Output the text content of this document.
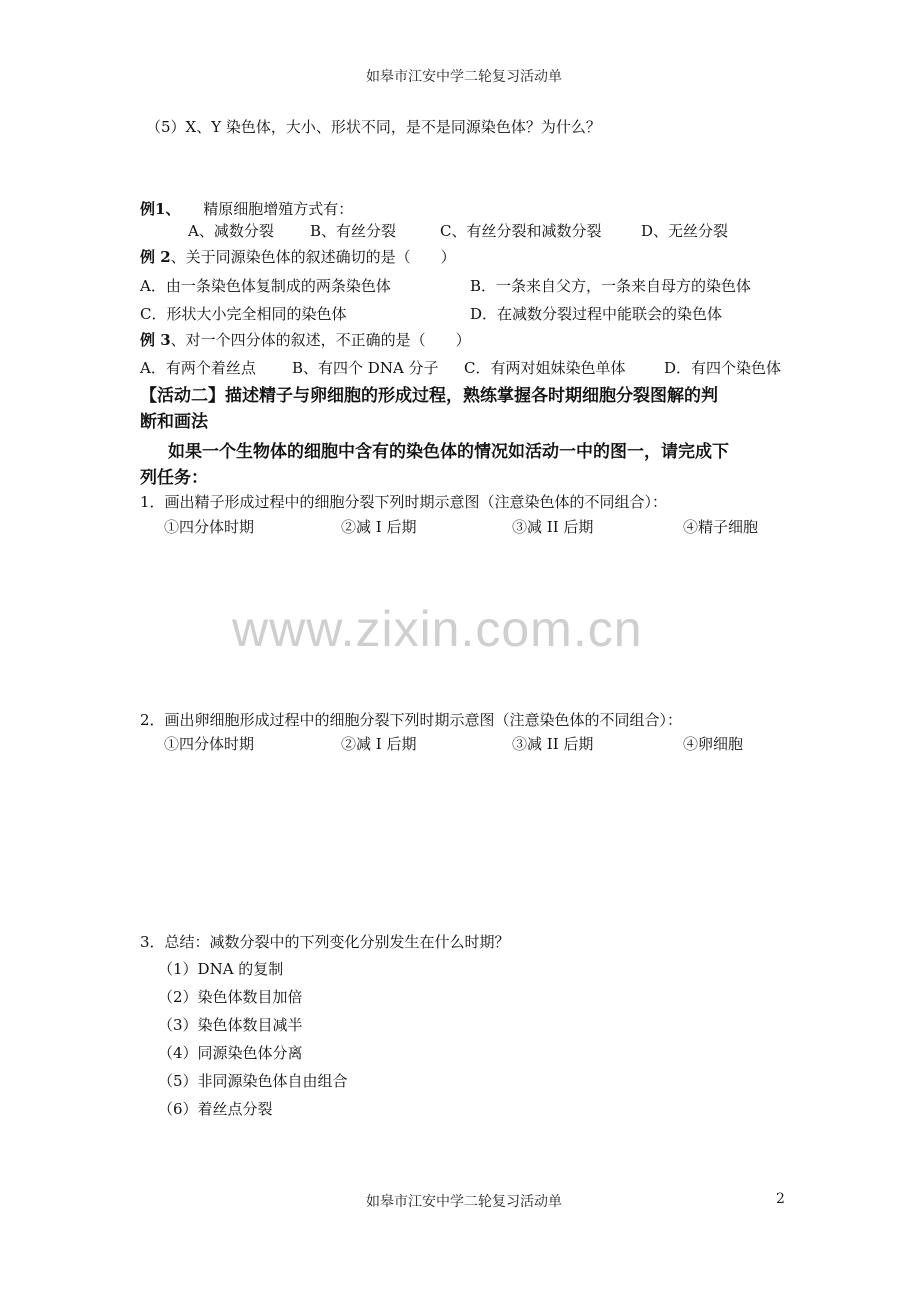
如皋市江安中学二轮复习活动单
（5）X、Y 染色体，大小、形状不同，是不是同源染色体？为什么？
例1、 精原细胞增殖方式有：
A、减数分裂 B、有丝分裂	C、有丝分裂和减数分裂	D、无丝分裂
例 2、关于同源染色体的叙述确切的是（　　）
A．由一条染色体复制成的两条染色体	B．一条来自父方，一条来自母方的染色体
C．形状大小完全相同的染色体	D．在减数分裂过程中能联会的染色体
例 3、对一个四分体的叙述，不正确的是（　　）
A．有两个着丝点 B、有四个 DNA 分子 C．有两对姐妹染色单体	D．有四个染色体
【活动二】描述精子与卵细胞的形成过程，熟练掌握各时期细胞分裂图解的判
断和画法
如果一个生物体的细胞中含有的染色体的情况如活动一中的图一，请完成下
列任务：
1．画出精子形成过程中的细胞分裂下列时期示意图（注意染色体的不同组合）：
①四分体时期	②减 I 后期	③减 II 后期	④精子细胞
www.zixin.com.cn
2．画出卵细胞形成过程中的细胞分裂下列时期示意图（注意染色体的不同组合）：
①四分体时期	②减 I 后期	③减 II 后期	④卵细胞
3．总结：减数分裂中的下列变化分别发生在什么时期？
（1）DNA 的复制
（2）染色体数目加倍
（3）染色体数目减半
（4）同源染色体分离
（5）非同源染色体自由组合
（6）着丝点分裂
如皋市江安中学二轮复习活动单	2
